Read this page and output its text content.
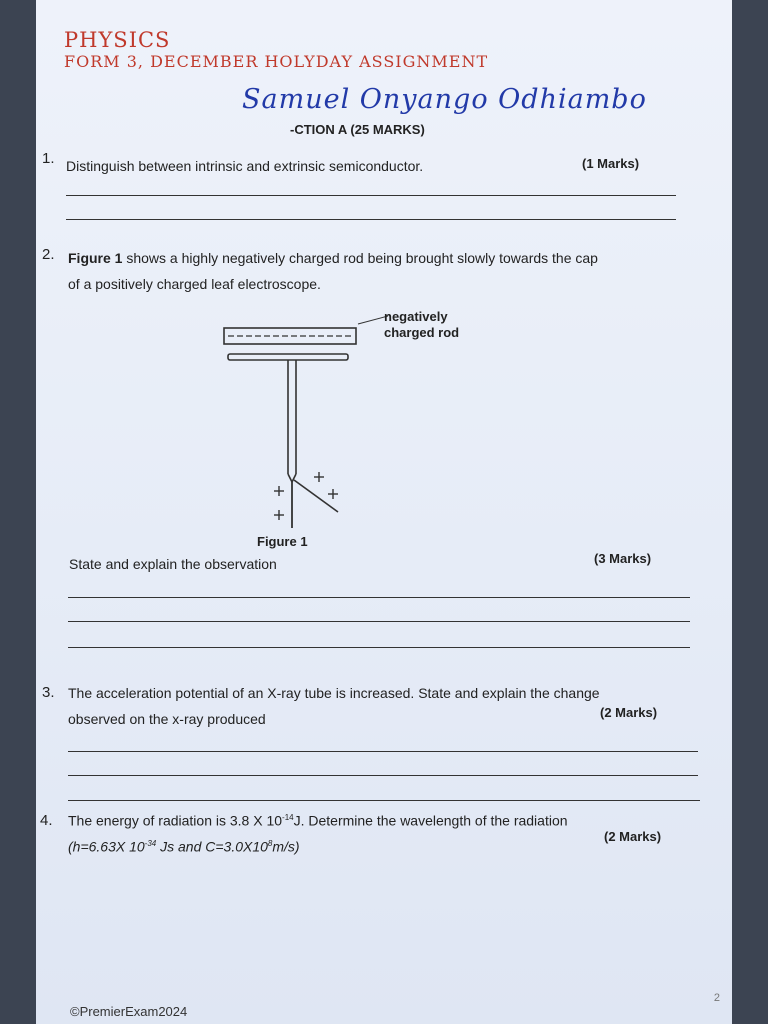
PHYSICS
FORM 3, DECEMBER HOLYDAY ASSIGNMENT
Samuel Onyango Odhiambo
-CTION A (25 MARKS)
1. Distinguish between intrinsic and extrinsic semiconductor.	(1 Marks)
2. Figure 1 shows a highly negatively charged rod being brought slowly towards the cap
of a positively charged leaf electroscope.
negatively
charged rod
Figure 1
State and explain the observation	(3 Marks)
3. The acceleration potential of an X-ray tube is increased. State and explain the change
observed on the x-ray produced	(2 Marks)
4. The energy of radiation is 3.8 X $10^{-14}J$. Determine the wavelength of the radiation
(h=6.63X $10^{-34}$ Js and $C=3.0X10^8m/s$)
(2 Marks)
©PremierExam2024
2
